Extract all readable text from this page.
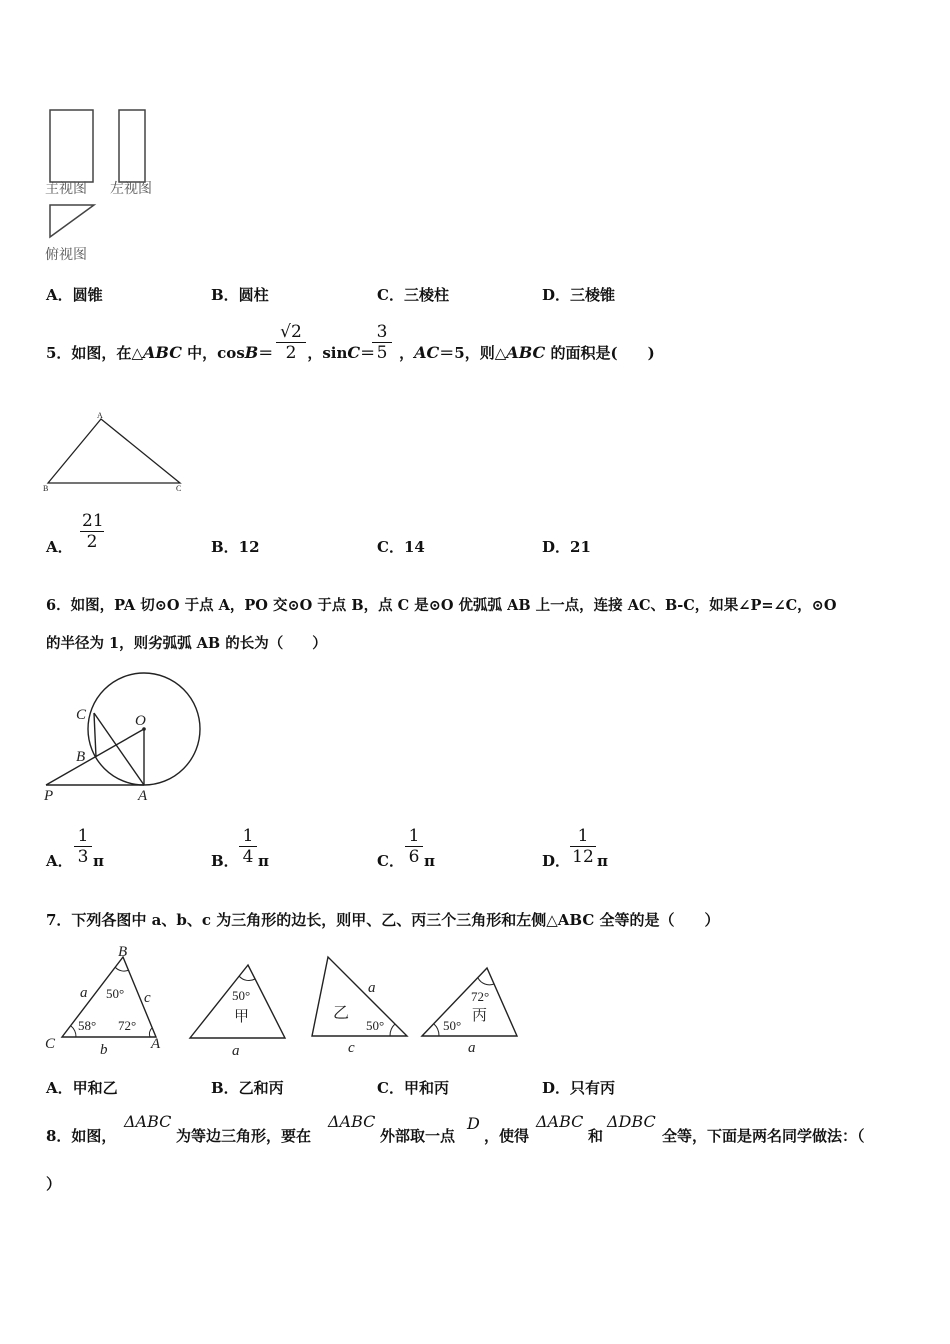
主视图 左视图
俯视图
A．圆锥	B．圆柱	C．三棱柱	D．三棱锥
5．如图，在△ABC 中，cosB＝ ，sinC＝ ，AC＝5，则△ABC 的面积是(　　)
√2
2
3
5
A
B	C
A．
21
2	B．12	C．14	D．21
6．如图，PA 切⊙O 于点 A，PO 交⊙O 于点 B，点 C 是⊙O 优弧弧 AB 上一点，连接 AC、B‐C，如果∠P=∠C，⊙O
的半径为 1，则劣弧弧 AB 的长为（　　）
C	O
B
P	A
A．
1
3 π	B．
1
4 π	C．
1
6 π	D．
1
12 π
7．下列各图中 a、b、c 为三角形的边长，则甲、乙、丙三个三角形和左侧△ABC 全等的是（　　）
B
C	A
a	c
b
50°
58° 72°
50°
甲
a
a
乙
50°
c
72°
丙
50°
a
A．甲和乙	B．乙和丙	C．甲和丙	D．只有丙
8．如图，
ΔABC
为等边三角形，要在
ΔABC
外部取一点
D
，使得
ΔABC
和
ΔDBC
全等，下面是两名同学做法：（
）
